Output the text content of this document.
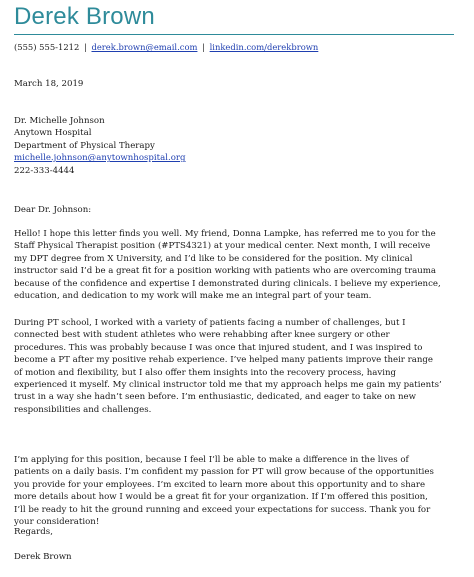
Derek Brown
(555) 555-1212 | derek.brown@email.com | linkedin.com/derekbrown
March 18, 2019
Dr. Michelle Johnson
Anytown Hospital
Department of Physical Therapy
michelle.johnson@anytownhospital.org
222-333-4444
Dear Dr. Johnson:
Hello! I hope this letter finds you well. My friend, Donna Lampke, has referred me to you for the
Staff Physical Therapist position (#PTS4321) at your medical center. Next month, I will receive
my DPT degree from X University, and I’d like to be considered for the position. My clinical
instructor said I’d be a great fit for a position working with patients who are overcoming trauma
because of the confidence and expertise I demonstrated during clinicals. I believe my experience,
education, and dedication to my work will make me an integral part of your team.
During PT school, I worked with a variety of patients facing a number of challenges, but I
connected best with student athletes who were rehabbing after knee surgery or other
procedures. This was probably because I was once that injured student, and I was inspired to
become a PT after my positive rehab experience. I’ve helped many patients improve their range
of motion and flexibility, but I also offer them insights into the recovery process, having
experienced it myself. My clinical instructor told me that my approach helps me gain my patients’
trust in a way she hadn’t seen before. I’m enthusiastic, dedicated, and eager to take on new
responsibilities and challenges.
I’m applying for this position, because I feel I’ll be able to make a difference in the lives of
patients on a daily basis. I’m confident my passion for PT will grow because of the opportunities
you provide for your employees. I’m excited to learn more about this opportunity and to share
more details about how I would be a great fit for your organization. If I’m offered this position,
I’ll be ready to hit the ground running and exceed your expectations for success. Thank you for
your consideration!
Regards,
Derek Brown
